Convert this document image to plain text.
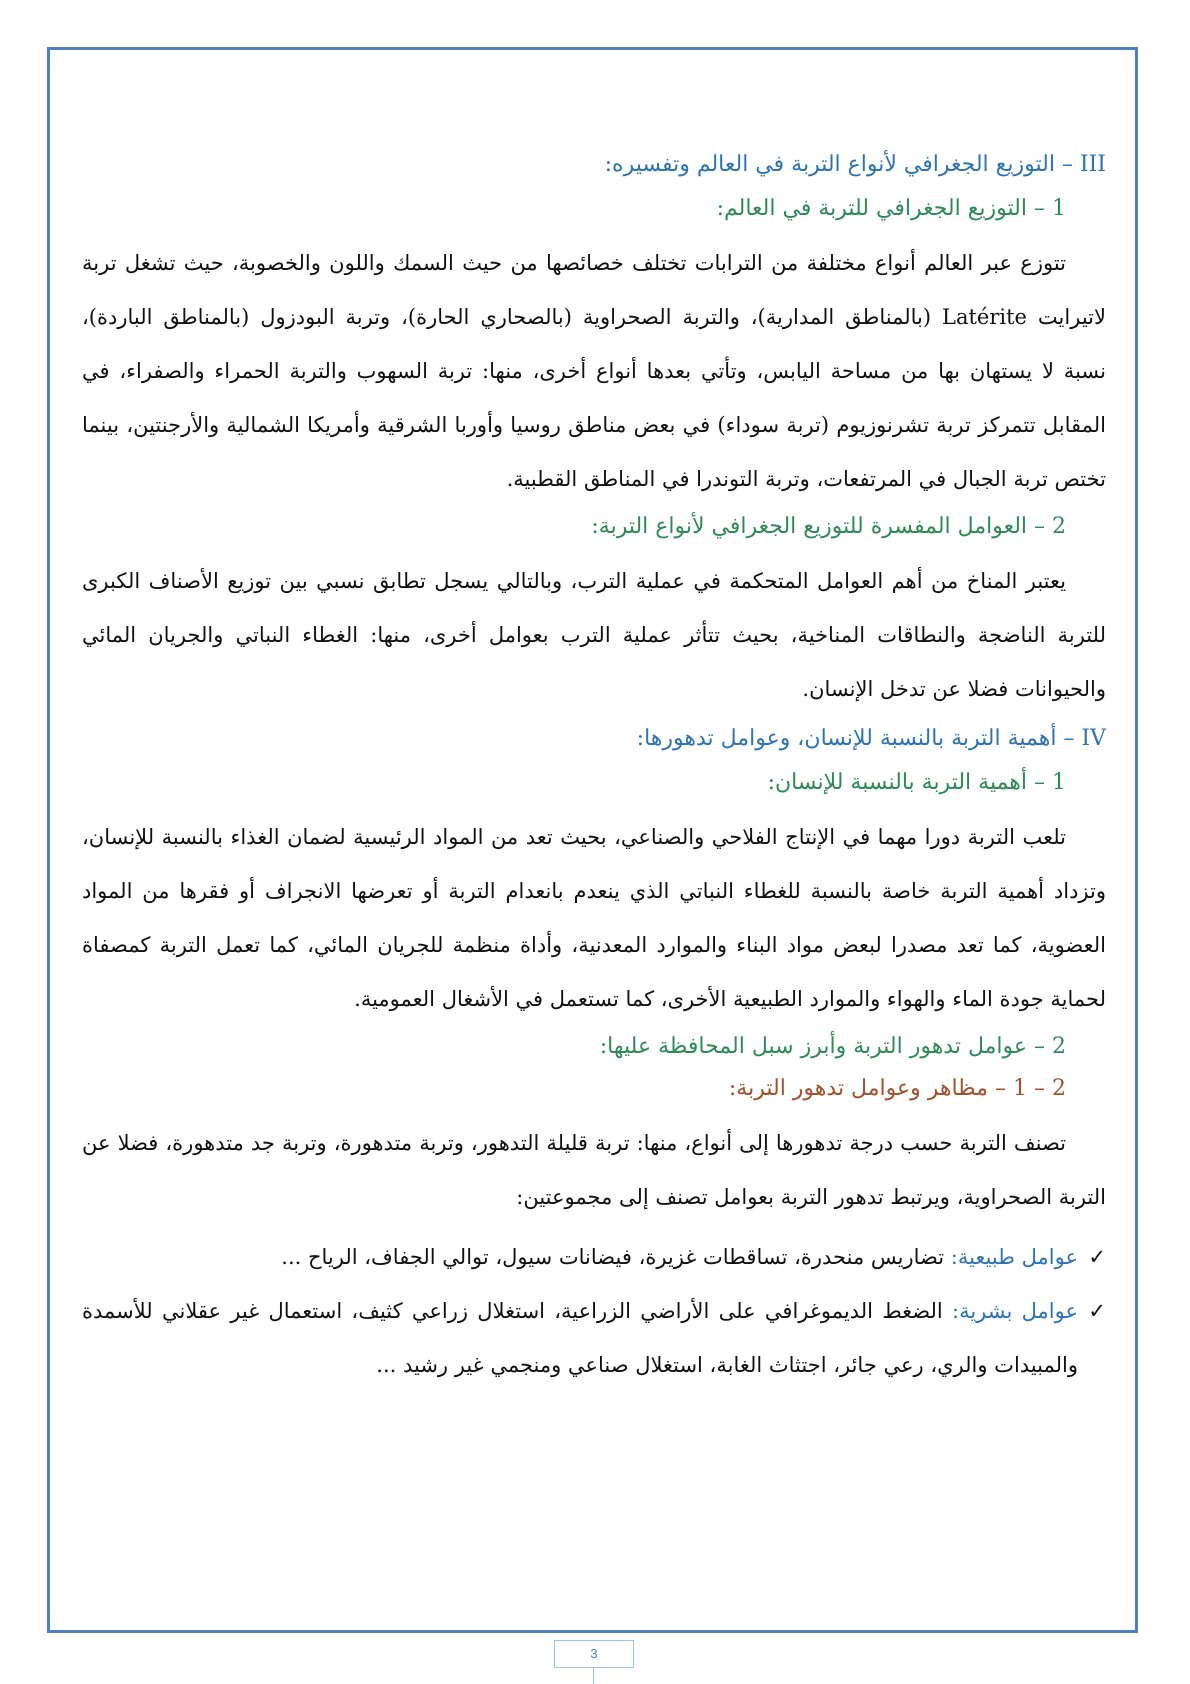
III – التوزيع الجغرافي لأنواع التربة في العالم وتفسيره:
1 – التوزيع الجغرافي للتربة في العالم:

تتوزع عبر العالم أنواع مختلفة من الترابات تختلف خصائصها من حيث السمك واللون والخصوبة، حيث تشغل تربة لاتيرايت Latérite (بالمناطق المدارية)، والتربة الصحراوية (بالصحاري الحارة)، وتربة البودزول (بالمناطق الباردة)، نسبة لا يستهان بها من مساحة اليابس، وتأتي بعدها أنواع أخرى، منها: تربة السهوب والتربة الحمراء والصفراء، في المقابل تتمركز تربة تشرنوزيوم (تربة سوداء) في بعض مناطق روسيا وأوربا الشرقية وأمريكا الشمالية والأرجنتين، بينما تختص تربة الجبال في المرتفعات، وتربة التوندرا في المناطق القطبية.

2 – العوامل المفسرة للتوزيع الجغرافي لأنواع التربة:

يعتبر المناخ من أهم العوامل المتحكمة في عملية الترب، وبالتالي يسجل تطابق نسبي بين توزيع الأصناف الكبرى للتربة الناضجة والنطاقات المناخية، بحيث تتأثر عملية الترب بعوامل أخرى، منها: الغطاء النباتي والجريان المائي والحيوانات فضلا عن تدخل الإنسان.

IV – أهمية التربة بالنسبة للإنسان، وعوامل تدهورها:
1 – أهمية التربة بالنسبة للإنسان:

تلعب التربة دورا مهما في الإنتاج الفلاحي والصناعي، بحيث تعد من المواد الرئيسية لضمان الغذاء بالنسبة للإنسان، وتزداد أهمية التربة خاصة بالنسبة للغطاء النباتي الذي ينعدم بانعدام التربة أو تعرضها الانجراف أو فقرها من المواد العضوية، كما تعد مصدرا لبعض مواد البناء والموارد المعدنية، وأداة منظمة للجريان المائي، كما تعمل التربة كمصفاة لحماية جودة الماء والهواء والموارد الطبيعية الأخرى، كما تستعمل في الأشغال العمومية.

2 – عوامل تدهور التربة وأبرز سبل المحافظة عليها:
2 – 1 – مظاهر وعوامل تدهور التربة:

تصنف التربة حسب درجة تدهورها إلى أنواع، منها: تربة قليلة التدهور، وتربة متدهورة، وتربة جد متدهورة، فضلا عن التربة الصحراوية، ويرتبط تدهور التربة بعوامل تصنف إلى مجموعتين:

✓
عوامل طبيعية: تضاريس منحدرة، تساقطات غزيرة، فيضانات سيول، توالي الجفاف، الرياح ...
✓
عوامل بشرية: الضغط الديموغرافي على الأراضي الزراعية، استغلال زراعي كثيف، استعمال غير عقلاني للأسمدة والمبيدات والري، رعي جائر، اجتثاث الغابة، استغلال صناعي ومنجمي غير رشيد ...
3
